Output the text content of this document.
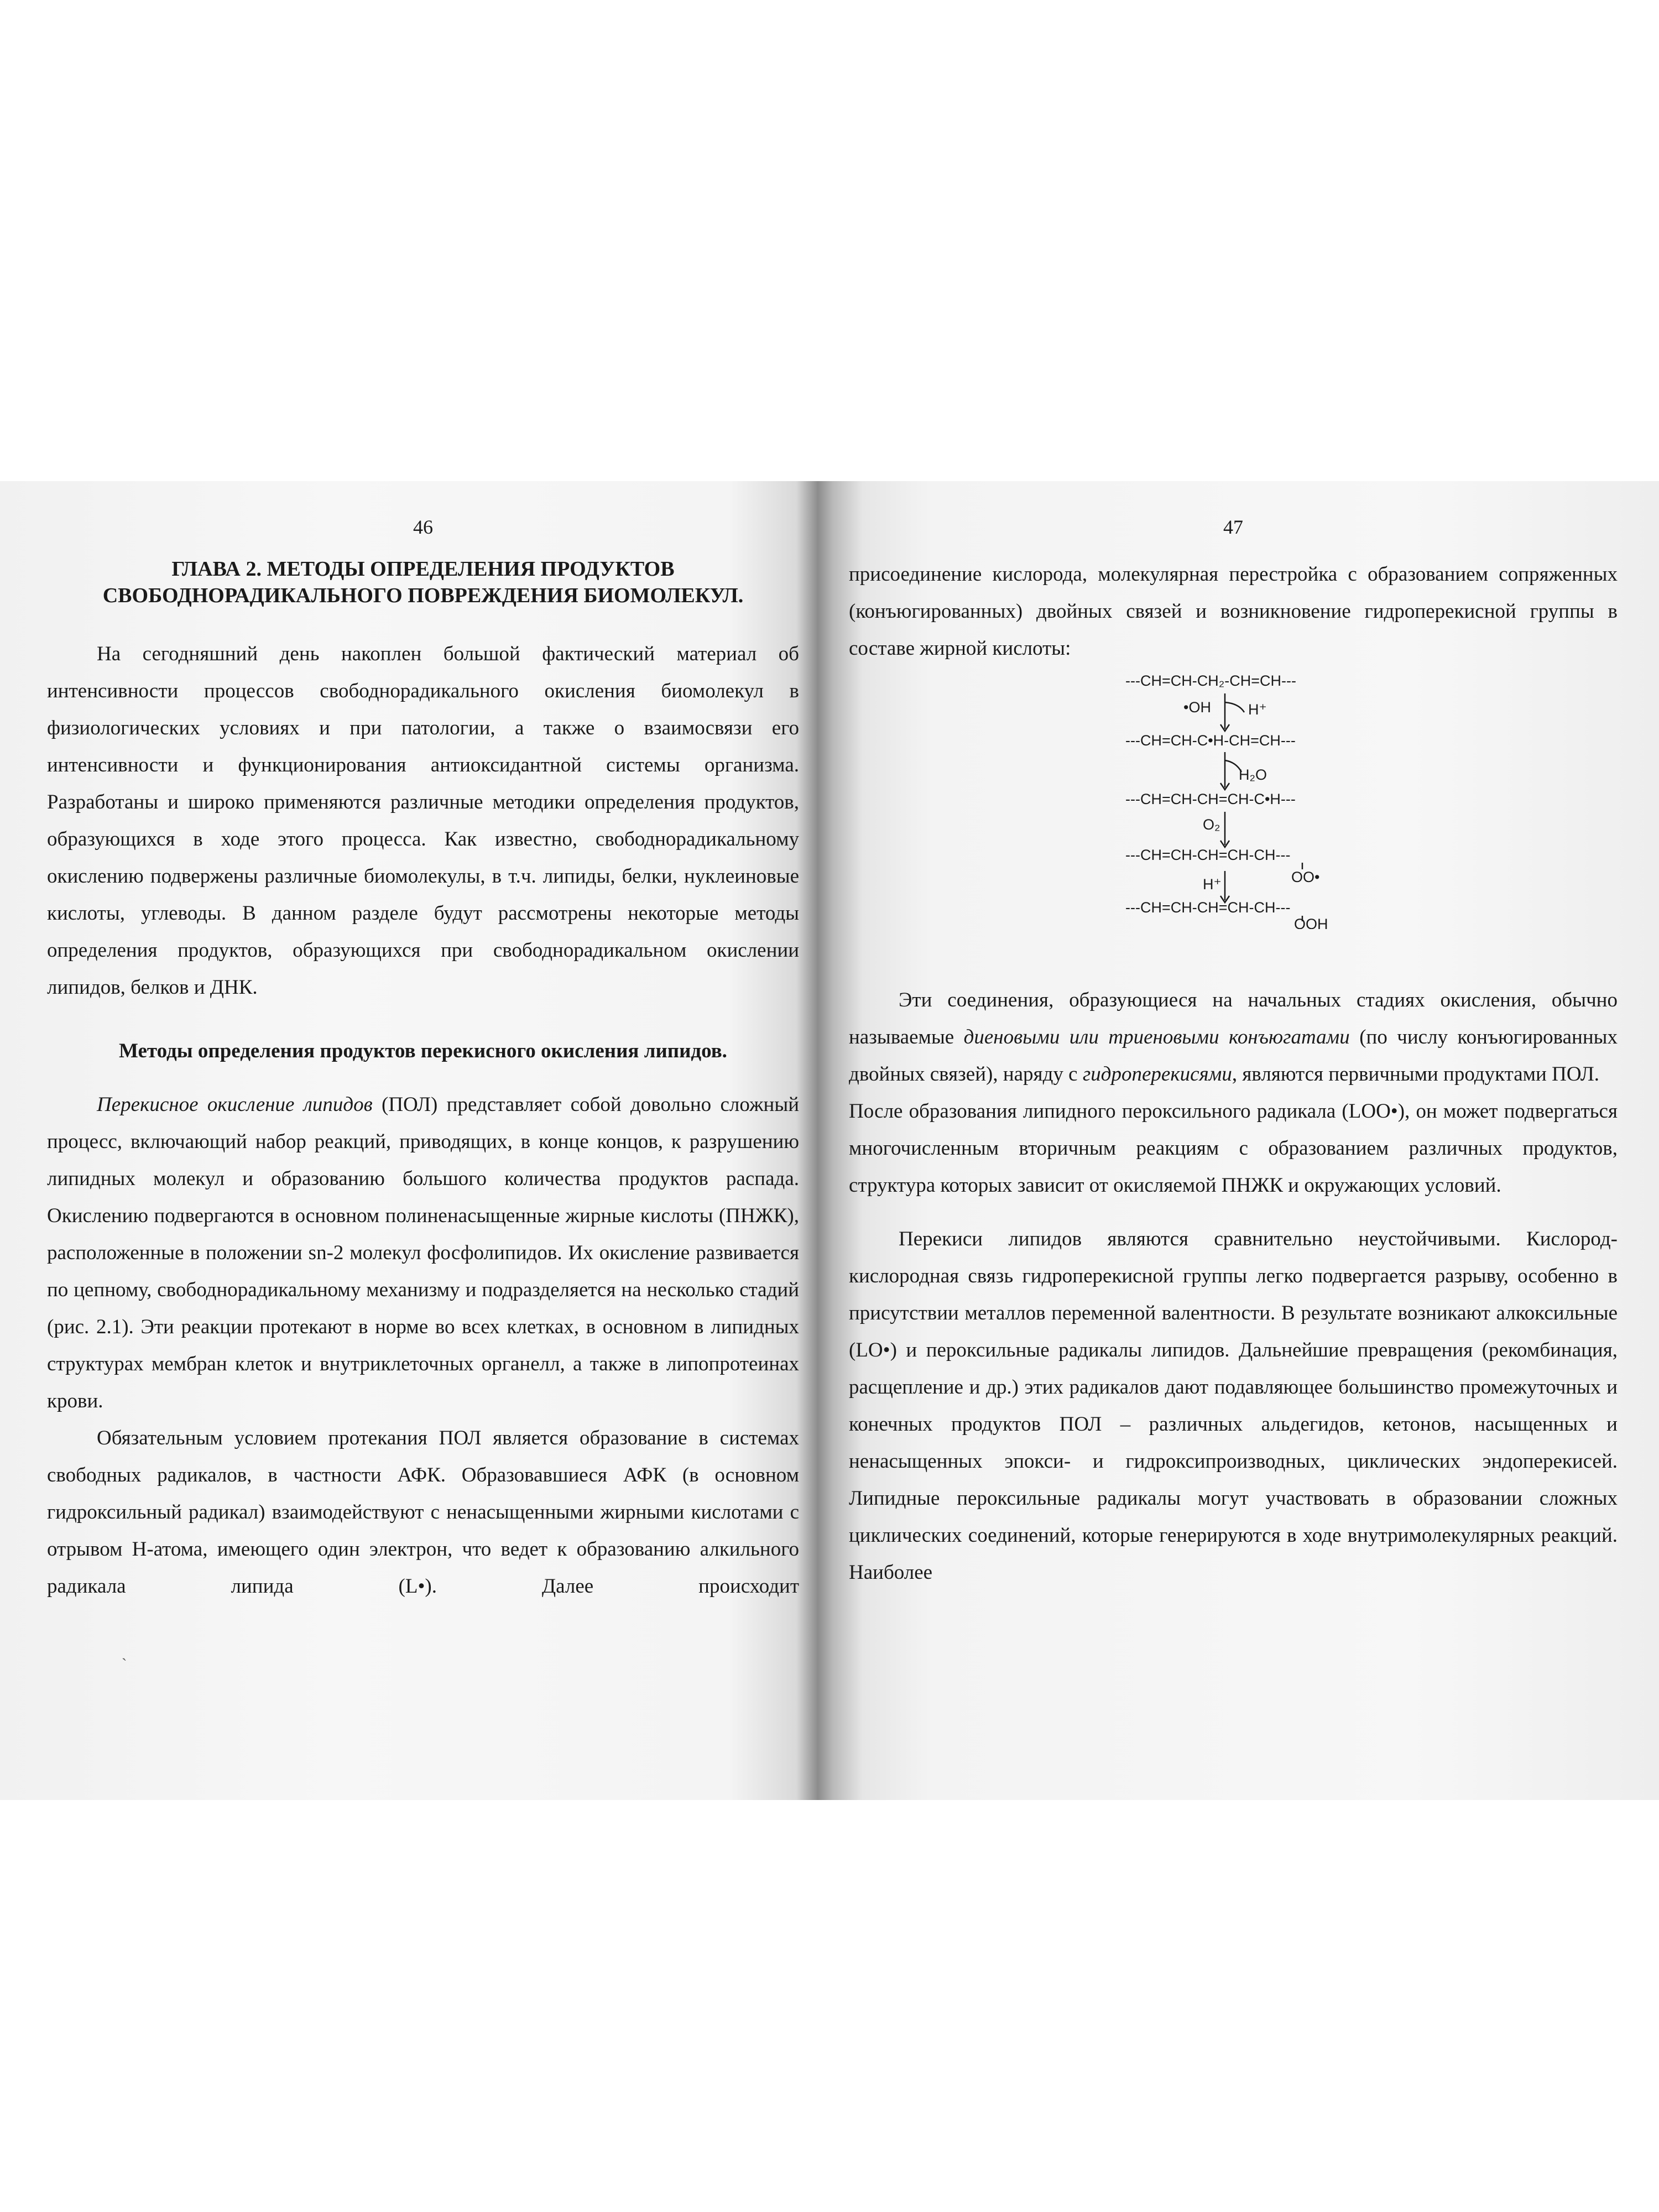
46
ГЛАВА 2. МЕТОДЫ ОПРЕДЕЛЕНИЯ ПРОДУКТОВ
СВОБОДНОРАДИКАЛЬНОГО ПОВРЕЖДЕНИЯ БИОМОЛЕКУЛ.

На сегодняшний день накоплен большой фактический материал об интенсивности процессов свободнорадикального окисления биомолекул в физиологических условиях и при патологии, а также о взаимосвязи его интенсивности и функционирования антиоксидантной системы организма. Разработаны и широко применяются различные методики определения продуктов, образующихся в ходе этого процесса. Как известно, свободнорадикальному окислению подвержены различные биомолекулы, в т.ч. липиды, белки, нуклеиновые кислоты, углеводы. В данном разделе будут рассмотрены некоторые методы определения продуктов, образующихся при свободнорадикальном окислении липидов, белков и ДНК.

Методы определения продуктов перекисного окисления липидов.

Перекисное окисление липидов (ПОЛ) представляет собой довольно сложный процесс, включающий набор реакций, приводящих, в конце концов, к разрушению липидных молекул и образованию большого количества продуктов распада. Окислению подвергаются в основном полиненасыщенные жирные кислоты (ПНЖК), расположенные в положении sn-2 молекул фосфолипидов. Их окисление развивается по цепному, свободнорадикальному механизму и подразделяется на несколько стадий (рис. 2.1). Эти реакции протекают в норме во всех клетках, в основном в липидных структурах мембран клеток и внутриклеточных органелл, а также в липопротеинах крови.

Обязательным условием протекания ПОЛ является образование в системах свободных радикалов, в частности АФК. Образовавшиеся АФК (в основном гидроксильный радикал) взаимодействуют с ненасыщенными жирными кислотами с отрывом Н-атома, имеющего один электрон, что ведет к образованию алкильного радикала липида (L•). Далее происходит

˴
47

присоединение кислорода, молекулярная перестройка с образованием сопряженных (конъюгированных) двойных связей и возникновение гидроперекисной группы в составе жирной кислоты:

---CH=CH-CH₂-CH=CH---
•OH H⁺
---CH=CH-C•H-CH=CH---
H₂O
---CH=CH-CH=CH-C•H---
O₂
---CH=CH-CH=CH-CH---
OO•
H⁺
---CH=CH-CH=CH-CH---
OOH

Эти соединения, образующиеся на начальных стадиях окисления, обычно называемые диеновыми или триеновыми конъюгатами (по числу конъюгированных двойных связей), наряду с гидроперекисями, являются первичными продуктами ПОЛ.

После образования липидного пероксильного радикала (LOO•), он может подвергаться многочисленным вторичным реакциям с образованием различных продуктов, структура которых зависит от окисляемой ПНЖК и окружающих условий.

Перекиси липидов являются сравнительно неустойчивыми. Кислород-кислородная связь гидроперекисной группы легко подвергается разрыву, особенно в присутствии металлов переменной валентности. В результате возникают алкоксильные (LO•) и пероксильные радикалы липидов. Дальнейшие превращения (рекомбинация, расщепление и др.) этих радикалов дают подавляющее большинство промежуточных и конечных продуктов ПОЛ – различных альдегидов, кетонов, насыщенных и ненасыщенных эпокси- и гидроксипроизводных, циклических эндоперекисей. Липидные пероксильные радикалы могут участвовать в образовании сложных циклических соединений, которые генерируются в ходе внутримолекулярных реакций. Наиболее
